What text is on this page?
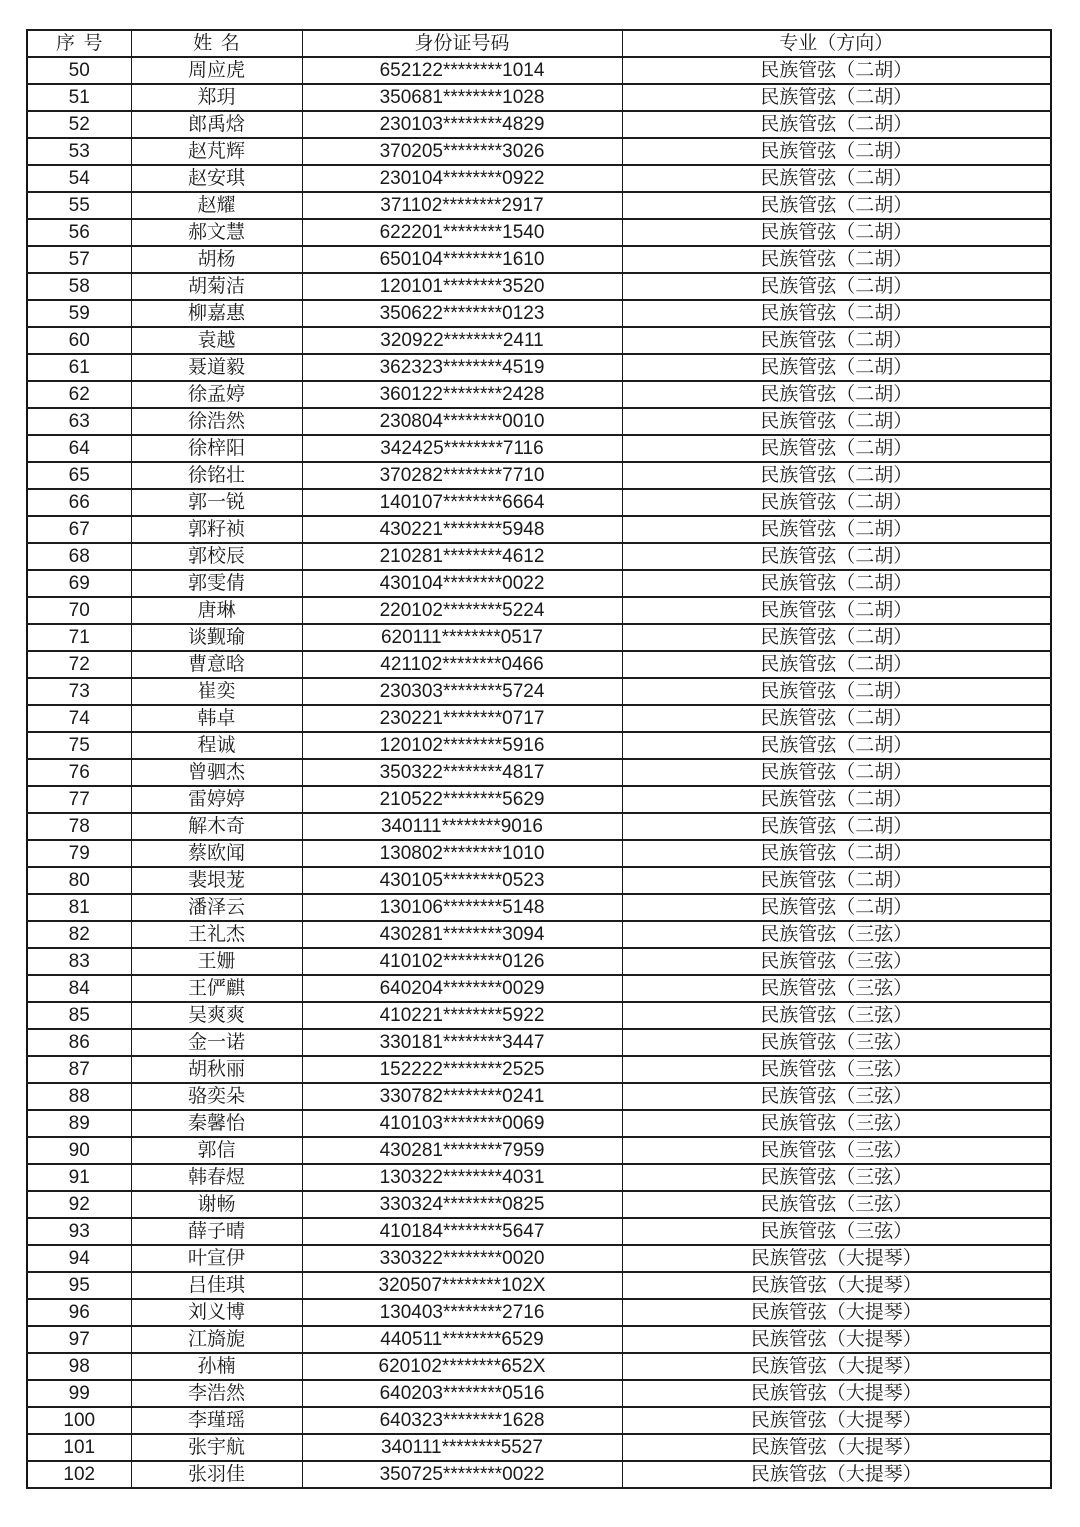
序号	姓名	身份证号码	专业（方向）
50	周应虎	652122********1014	民族管弦（二胡）
51	郑玥	350681********1028	民族管弦（二胡）
52	郎禹焓	230103********4829	民族管弦（二胡）
53	赵芃辉	370205********3026	民族管弦（二胡）
54	赵安琪	230104********0922	民族管弦（二胡）
55	赵耀	371102********2917	民族管弦（二胡）
56	郝文慧	622201********1540	民族管弦（二胡）
57	胡杨	650104********1610	民族管弦（二胡）
58	胡菊洁	120101********3520	民族管弦（二胡）
59	柳嘉惠	350622********0123	民族管弦（二胡）
60	袁越	320922********2411	民族管弦（二胡）
61	聂道毅	362323********4519	民族管弦（二胡）
62	徐孟婷	360122********2428	民族管弦（二胡）
63	徐浩然	230804********0010	民族管弦（二胡）
64	徐梓阳	342425********7116	民族管弦（二胡）
65	徐铭壮	370282********7710	民族管弦（二胡）
66	郭一锐	140107********6664	民族管弦（二胡）
67	郭籽祯	430221********5948	民族管弦（二胡）
68	郭校辰	210281********4612	民族管弦（二胡）
69	郭雯倩	430104********0022	民族管弦（二胡）
70	唐琳	220102********5224	民族管弦（二胡）
71	谈觐瑜	620111********0517	民族管弦（二胡）
72	曹意晗	421102********0466	民族管弦（二胡）
73	崔奕	230303********5724	民族管弦（二胡）
74	韩卓	230221********0717	民族管弦（二胡）
75	程诚	120102********5916	民族管弦（二胡）
76	曾驷杰	350322********4817	民族管弦（二胡）
77	雷婷婷	210522********5629	民族管弦（二胡）
78	解木奇	340111********9016	民族管弦（二胡）
79	蔡欧闻	130802********1010	民族管弦（二胡）
80	裴垠茏	430105********0523	民族管弦（二胡）
81	潘泽云	130106********5148	民族管弦（二胡）
82	王礼杰	430281********3094	民族管弦（三弦）
83	王姗	410102********0126	民族管弦（三弦）
84	王俨麒	640204********0029	民族管弦（三弦）
85	吴爽爽	410221********5922	民族管弦（三弦）
86	金一诺	330181********3447	民族管弦（三弦）
87	胡秋丽	152222********2525	民族管弦（三弦）
88	骆奕朵	330782********0241	民族管弦（三弦）
89	秦馨怡	410103********0069	民族管弦（三弦）
90	郭信	430281********7959	民族管弦（三弦）
91	韩春煜	130322********4031	民族管弦（三弦）
92	谢畅	330324********0825	民族管弦（三弦）
93	薛子晴	410184********5647	民族管弦（三弦）
94	叶宣伊	330322********0020	民族管弦（大提琴）
95	吕佳琪	320507********102X	民族管弦（大提琴）
96	刘义博	130403********2716	民族管弦（大提琴）
97	江旖旎	440511********6529	民族管弦（大提琴）
98	孙楠	620102********652X	民族管弦（大提琴）
99	李浩然	640203********0516	民族管弦（大提琴）
100	李瑾瑶	640323********1628	民族管弦（大提琴）
101	张宇航	340111********5527	民族管弦（大提琴）
102	张羽佳	350725********0022	民族管弦（大提琴）
